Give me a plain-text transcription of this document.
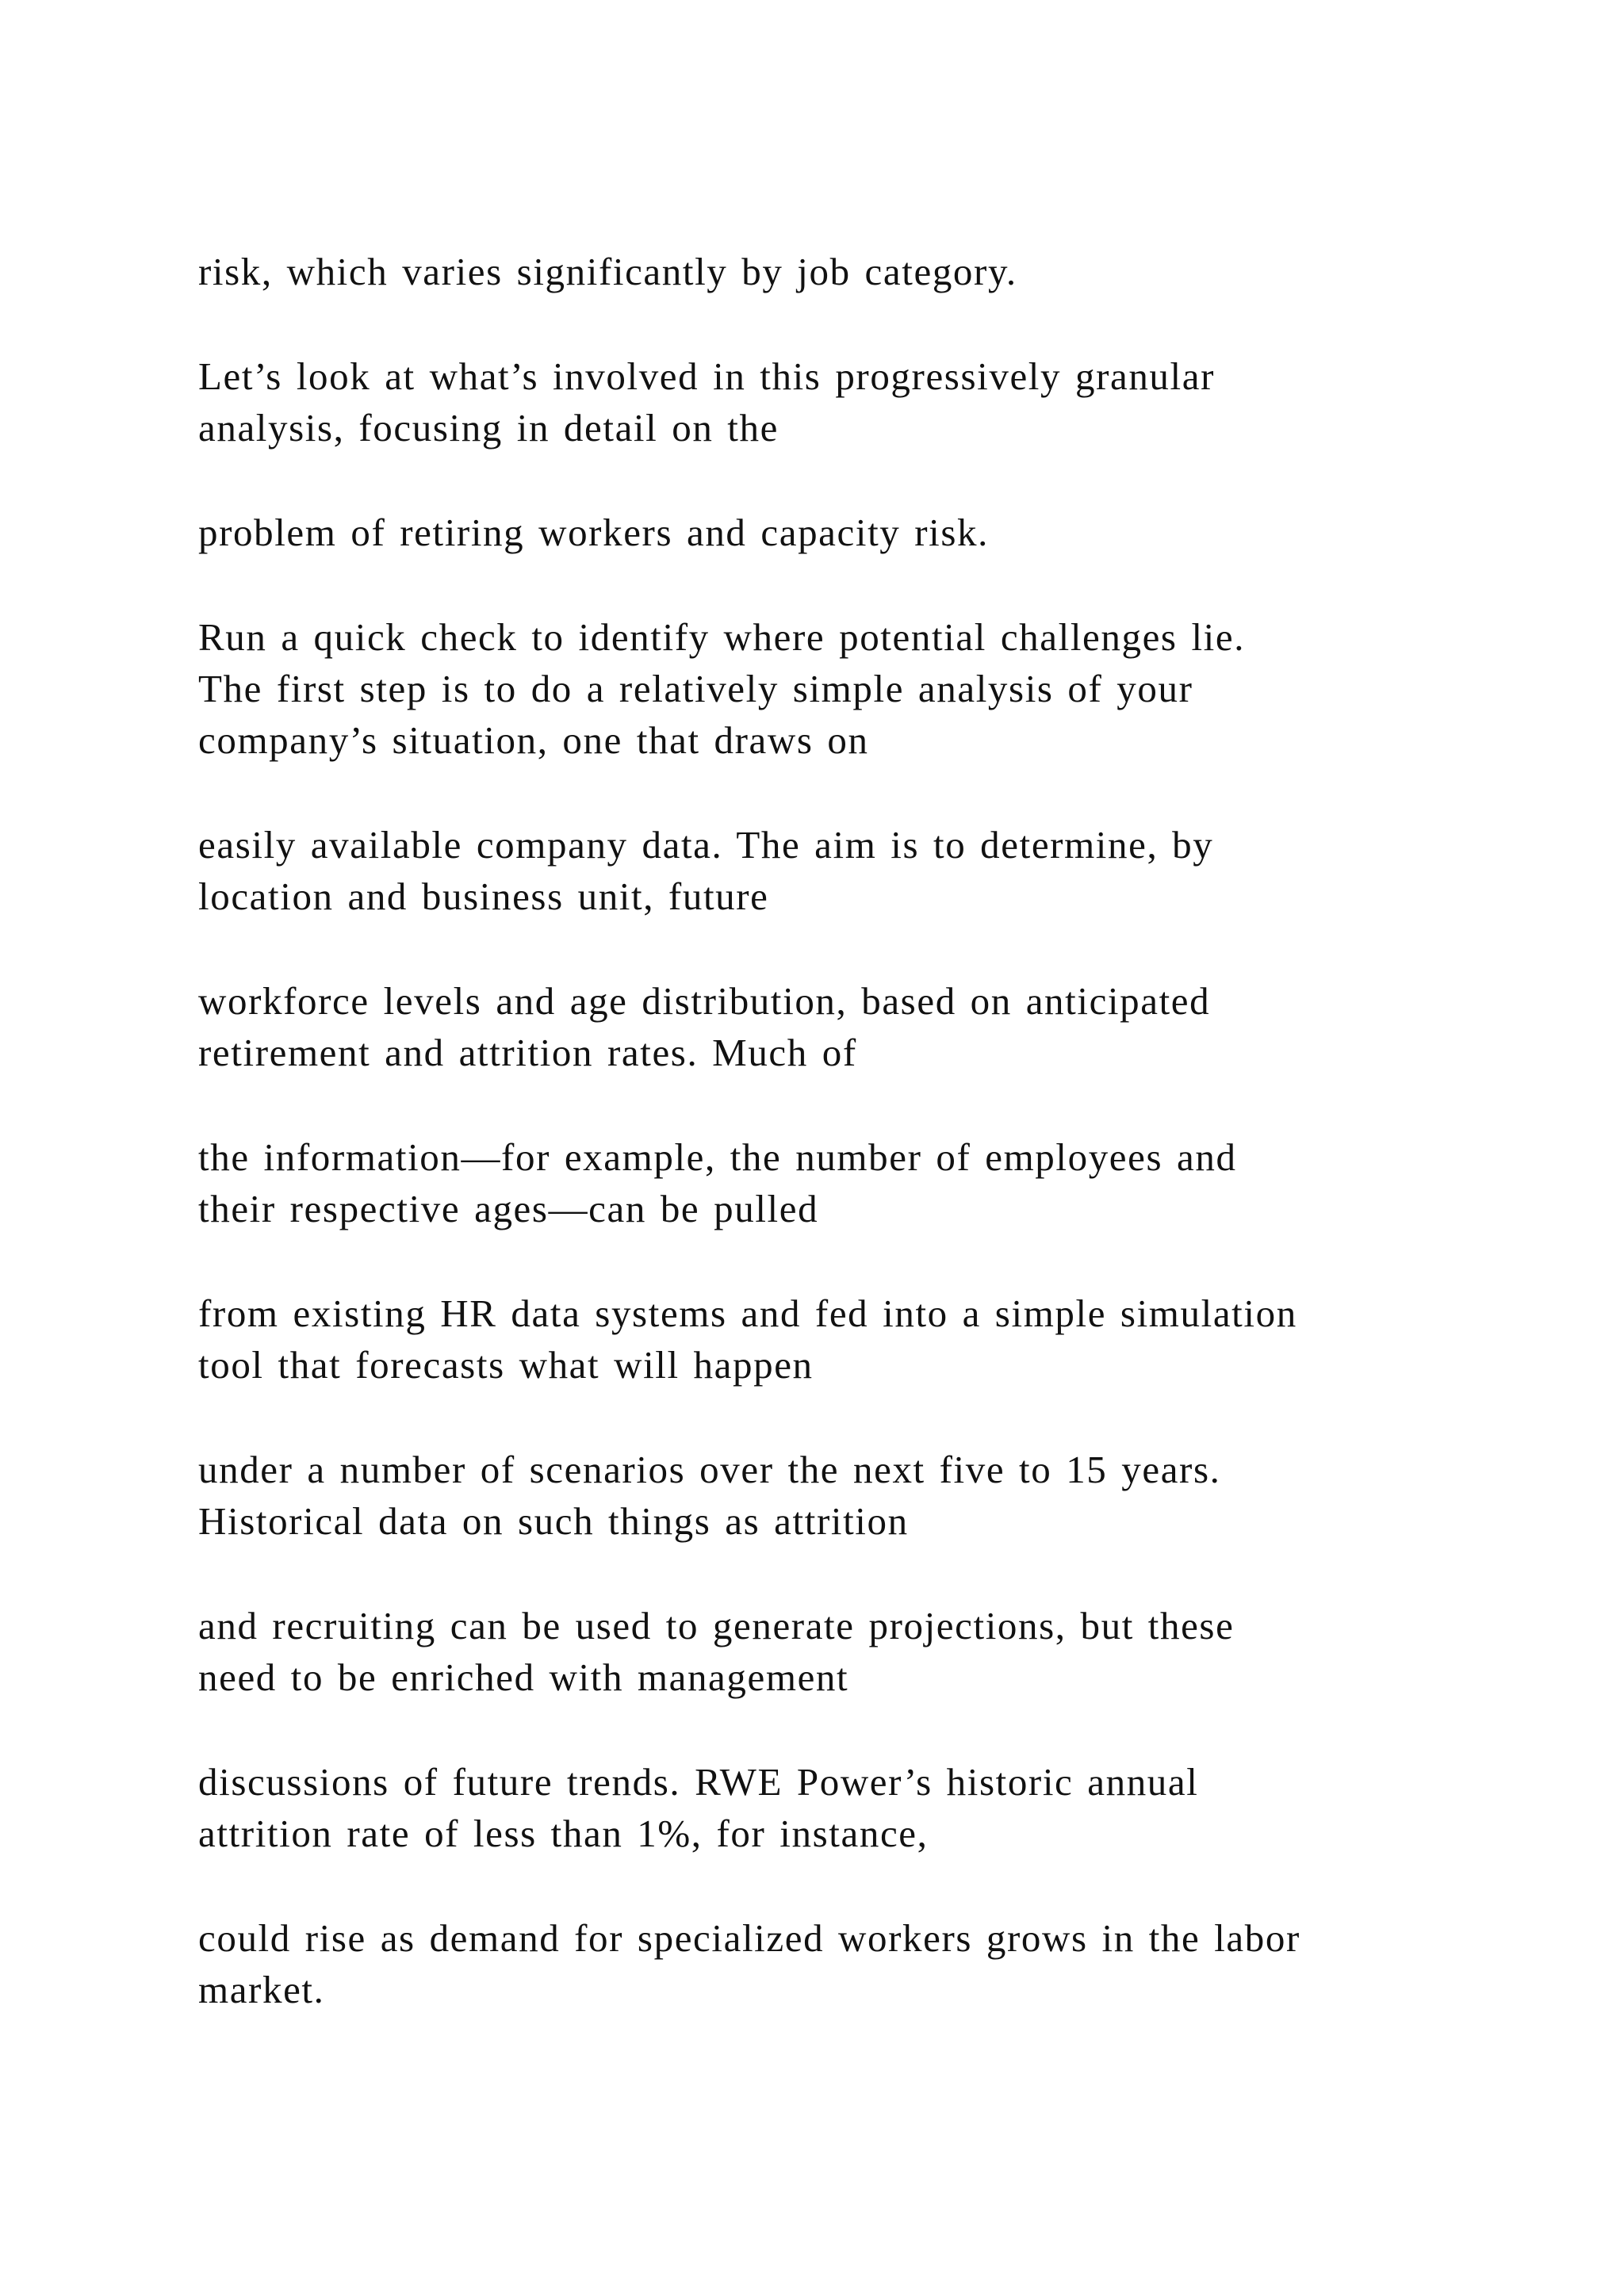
risk, which varies significantly by job category.

Let’s look at what’s involved in this progressively granular
analysis, focusing in detail on the

problem of retiring workers and capacity risk.

Run a quick check to identify where potential challenges lie.
The first step is to do a relatively simple analysis of your
company’s situation, one that draws on

easily available company data. The aim is to determine, by
location and business unit, future

workforce levels and age distribution, based on anticipated
retirement and attrition rates. Much of

the information—for example, the number of employees and
their respective ages—can be pulled

from existing HR data systems and fed into a simple simulation
tool that forecasts what will happen

under a number of scenarios over the next five to 15 years.
Historical data on such things as attrition

and recruiting can be used to generate projections, but these
need to be enriched with management

discussions of future trends. RWE Power’s historic annual
attrition rate of less than 1%, for instance,

could rise as demand for specialized workers grows in the labor
market.
